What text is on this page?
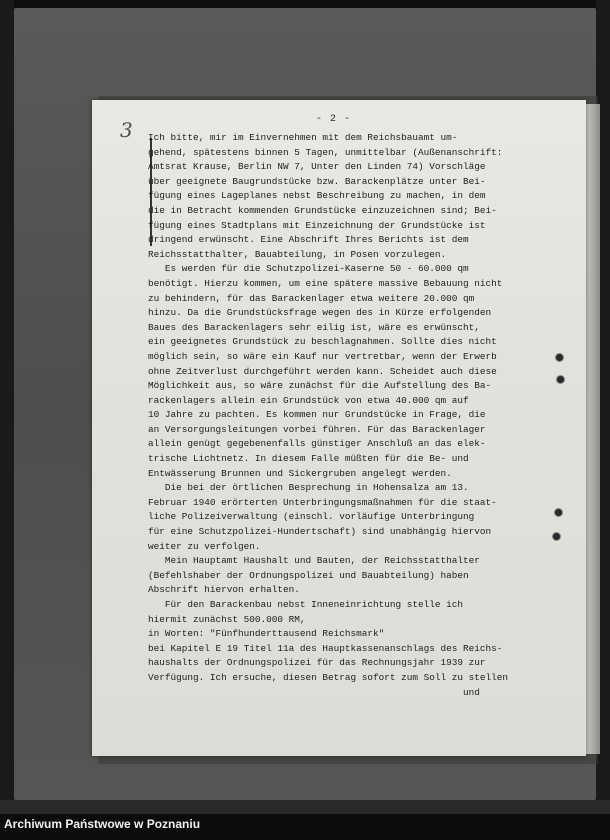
3	- 2 -
Ich bitte, mir im Einvernehmen mit dem Reichsbauamt um-
gehend, spätestens binnen 5 Tagen, unmittelbar (Außenanschrift:
Amtsrat Krause, Berlin NW 7, Unter den Linden 74) Vorschläge
über geeignete Baugrundstücke bzw. Barackenplätze unter Bei-
fügung eines Lageplanes nebst Beschreibung zu machen, in dem
die in Betracht kommenden Grundstücke einzuzeichnen sind; Bei-
fügung eines Stadtplans mit Einzeichnung der Grundstücke ist
dringend erwünscht. Eine Abschrift Ihres Berichts ist dem
Reichsstatthalter, Bauabteilung, in Posen vorzulegen.
Es werden für die Schutzpolizei-Kaserne 50 - 60.000 qm
benötigt. Hierzu kommen, um eine spätere massive Bebauung nicht
zu behindern, für das Barackenlager etwa weitere 20.000 qm
hinzu. Da die Grundstücksfrage wegen des in Kürze erfolgenden
Baues des Barackenlagers sehr eilig ist, wäre es erwünscht,
ein geeignetes Grundstück zu beschlagnahmen. Sollte dies nicht
möglich sein, so wäre ein Kauf nur vertretbar, wenn der Erwerb
ohne Zeitverlust durchgeführt werden kann. Scheidet auch diese
Möglichkeit aus, so wäre zunächst für die Aufstellung des Ba-
rackenlagers allein ein Grundstück von etwa 40.000 qm auf
10 Jahre zu pachten. Es kommen nur Grundstücke in Frage, die
an Versorgungsleitungen vorbei führen. Für das Barackenlager
allein genügt gegebenenfalls günstiger Anschluß an das elek-
trische Lichtnetz. In diesem Falle müßten für die Be- und
Entwässerung Brunnen und Sickergruben angelegt werden.
Die bei der örtlichen Besprechung in Hohensalza am 13.
Februar 1940 erörterten Unterbringungsmaßnahmen für die staat-
liche Polizeiverwaltung (einschl. vorläufige Unterbringung
für eine Schutzpolizei-Hundertschaft) sind unabhängig hiervon
weiter zu verfolgen.
Mein Hauptamt Haushalt und Bauten, der Reichsstatthalter
(Befehlshaber der Ordnungspolizei und Bauabteilung) haben
Abschrift hiervon erhalten.
Für den Barackenbau nebst Inneneinrichtung stelle ich
hiermit zunächst 500.000 RM,
in Worten: "Fünfhunderttausend Reichsmark"
bei Kapitel E 19 Titel 11a des Hauptkassenanschlags des Reichs-
haushalts der Ordnungspolizei für das Rechnungsjahr 1939 zur
Verfügung. Ich ersuche, diesen Betrag sofort zum Soll zu stellen
und
Archiwum Państwowe w Poznaniu
